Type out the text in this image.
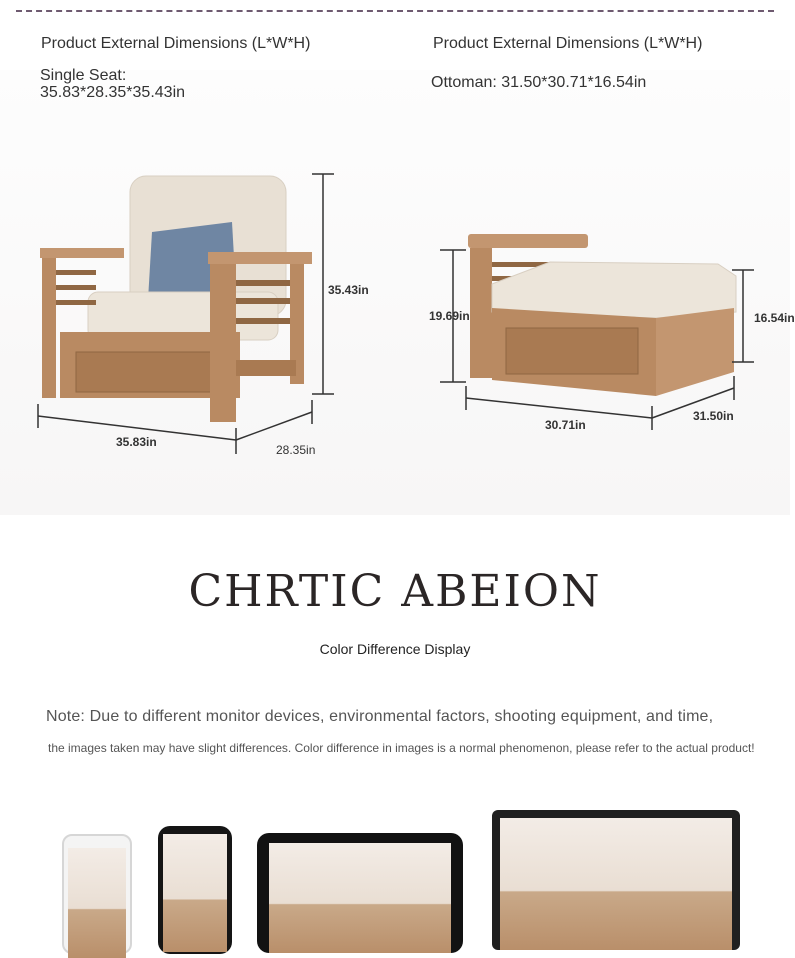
Product External Dimensions (L*W*H)
Single Seat:
35.83*28.35*35.43in
35.43in
35.83in
28.35in
Product External Dimensions (L*W*H)
Ottoman: 31.50*30.71*16.54in
19.69in	16.54in
30.71in
31.50in
CHRTIC ABEION
Color Difference Display
Note: Due to different monitor devices, environmental factors, shooting equipment, and time,
the images taken may have slight differences. Color difference in images is a normal phenomenon, please refer to the actual product!
